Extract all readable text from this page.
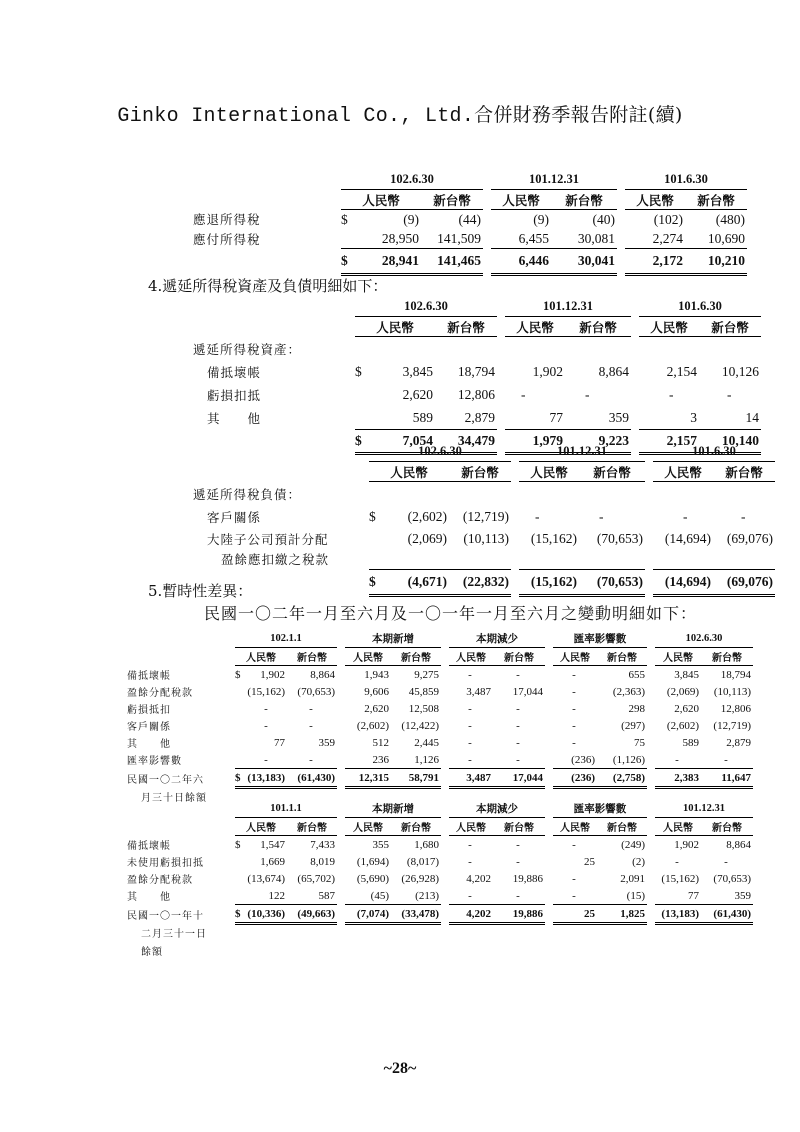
Ginko International Co., Ltd.合併財務季報告附註(續)
	102.6.30				101.12.31			101.6.30	
	人民幣		新台幣		人民幣	新台幣		人民幣	新台幣
應退所得稅	$	(9)	(44)		(9)	(40)		(102)	(480)
應付所得稅		28,950	141,509		6,455	30,081		2,274	10,690
	$	28,941	141,465		6,446	30,041		2,172	10,210
4.遞延所得稅資產及負債明細如下：
	102.6.30				101.12.31			101.6.30	
	人民幣		新台幣		人民幣	新台幣		人民幣	新台幣
遞延所得稅資產：									
備抵壞帳	$	3,845	18,794		1,902	8,864		2,154	10,126
虧損扣抵		2,620	12,806		-	-		-	-
其　　他		589	2,879		77	359		3	14
	$	7,054	34,479		1,979	9,223		2,157	10,140
	102.6.30				101.12.31			101.6.30	
	人民幣		新台幣		人民幣	新台幣		人民幣	新台幣
遞延所得稅負債：									
客戶關係	$	(2,602)	(12,719)		-	-		-	-
大陸子公司預計分配		(2,069)	(10,113)		(15,162)	(70,653)		(14,694)	(69,076)
盈餘應扣繳之稅款									
	$	(4,671)	(22,832)		(15,162)	(70,653)		(14,694)	(69,076)
5.暫時性差異：
民國一〇二年一月至六月及一〇一年一月至六月之變動明細如下：
	102.1.1				本期新增			本期減少			匯率影響數			102.6.30	
	人民幣		新台幣		人民幣	新台幣		人民幣	新台幣		人民幣	新台幣		人民幣	新台幣
備抵壞帳	$	1,902	8,864		1,943	9,275		-	-		-	655		3,845	18,794
盈餘分配稅款		(15,162)	(70,653)		9,606	45,859		3,487	17,044		-	(2,363)		(2,069)	(10,113)
虧損抵扣		-	-		2,620	12,508		-	-		-	298		2,620	12,806
客戶關係		-	-		(2,602)	(12,422)		-	-		-	(297)		(2,602)	(12,719)
其　　他		77	359		512	2,445		-	-		-	75		589	2,879
匯率影響數		-	-		236	1,126		-	-		(236)	(1,126)		-	-
民國一〇二年六	$	(13,183)	(61,430)		12,315	58,791		3,487	17,044		(236)	(2,758)		2,383	11,647
月三十日餘額															
	101.1.1				本期新增			本期減少			匯率影響數			101.12.31	
	人民幣		新台幣		人民幣	新台幣		人民幣	新台幣		人民幣	新台幣		人民幣	新台幣
備抵壞帳	$	1,547	7,433		355	1,680		-	-		-	(249)		1,902	8,864
未使用虧損扣抵		1,669	8,019		(1,694)	(8,017)		-	-		25	(2)		-	-
盈餘分配稅款		(13,674)	(65,702)		(5,690)	(26,928)		4,202	19,886		-	2,091		(15,162)	(70,653)
其　　他		122	587		(45)	(213)		-	-		-	(15)		77	359
民國一〇一年十	$	(10,336)	(49,663)		(7,074)	(33,478)		4,202	19,886		25	1,825		(13,183)	(61,430)
二月三十一日															
餘額															
~28~
